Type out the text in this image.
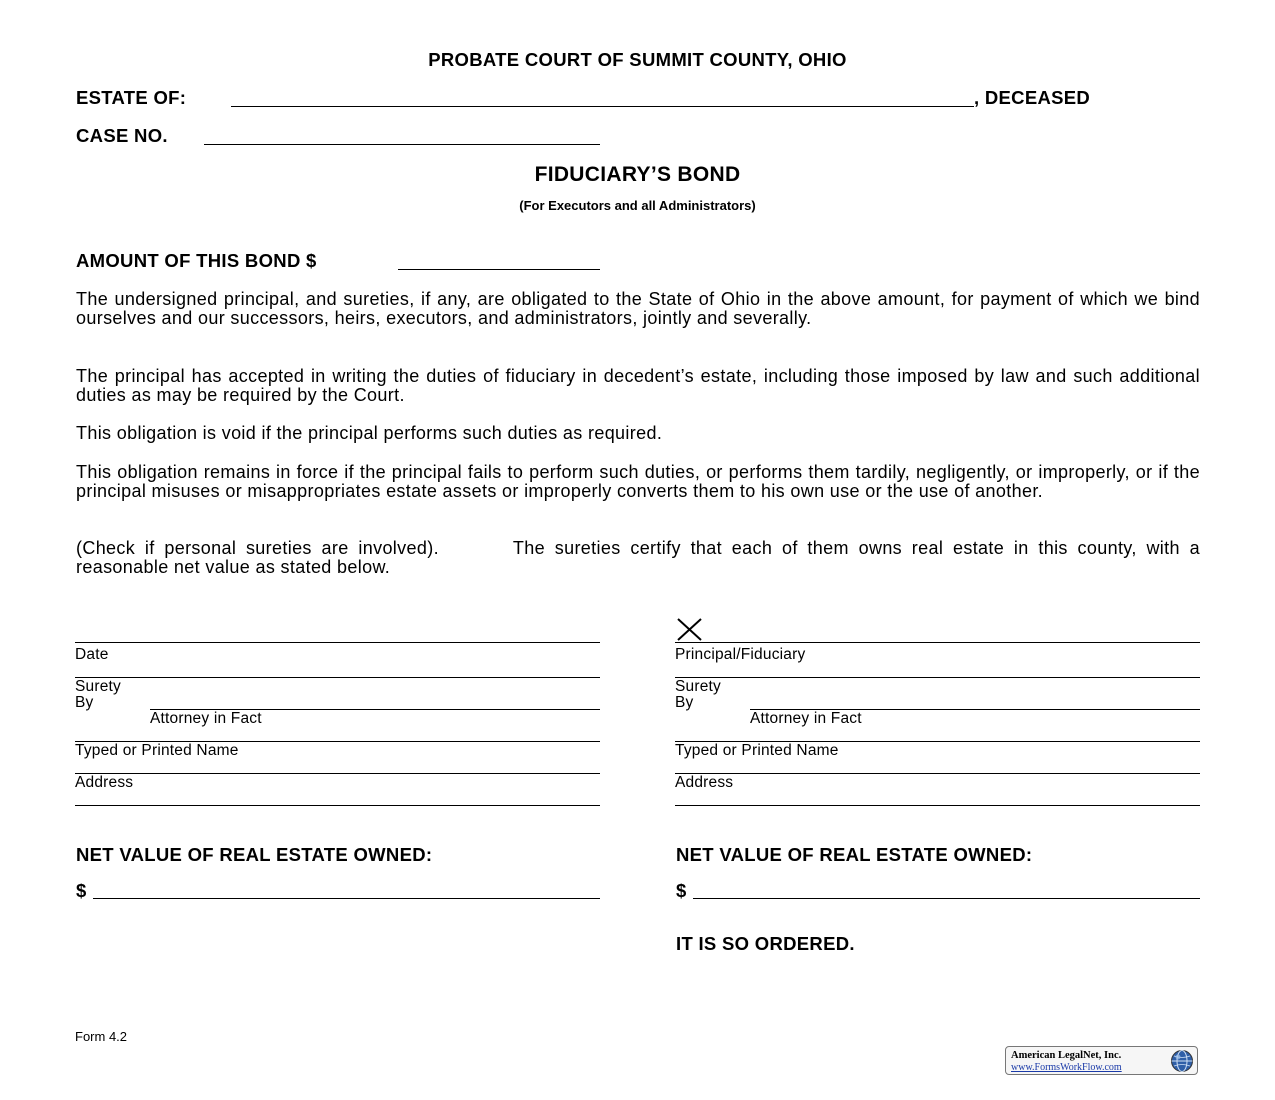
PROBATE COURT OF SUMMIT COUNTY, OHIO
ESTATE OF:	, DECEASED
CASE NO.
FIDUCIARY’S BOND
(For Executors and all Administrators)
AMOUNT OF THIS BOND $

The undersigned principal, and sureties, if any, are obligated to the State of Ohio in the above amount, for payment of which we bind ourselves and our successors, heirs, executors, and administrators, jointly and severally.

The principal has accepted in writing the duties of fiduciary in decedent’s estate, including those imposed by law and such additional duties as may be required by the Court.

This obligation is void if the principal performs such duties as required.

This obligation remains in force if the principal fails to perform such duties, or performs them tardily, negligently, or improperly, or if the principal misuses or misappropriates estate assets or improperly converts them to his own use or the use of another.

(Check if personal sureties are involved).	The sureties certify that each of them owns real estate in this county, with a reasonable net value as stated below.

Date
Surety
By
Attorney in Fact
Typed or Printed Name
Address
NET VALUE OF REAL ESTATE OWNED:
$
Principal/Fiduciary
Surety
By
Attorney in Fact
Typed or Printed Name
Address
NET VALUE OF REAL ESTATE OWNED:
$
IT IS SO ORDERED.
Form 4.2
American LegalNet, Inc.
www.FormsWorkFlow.com
